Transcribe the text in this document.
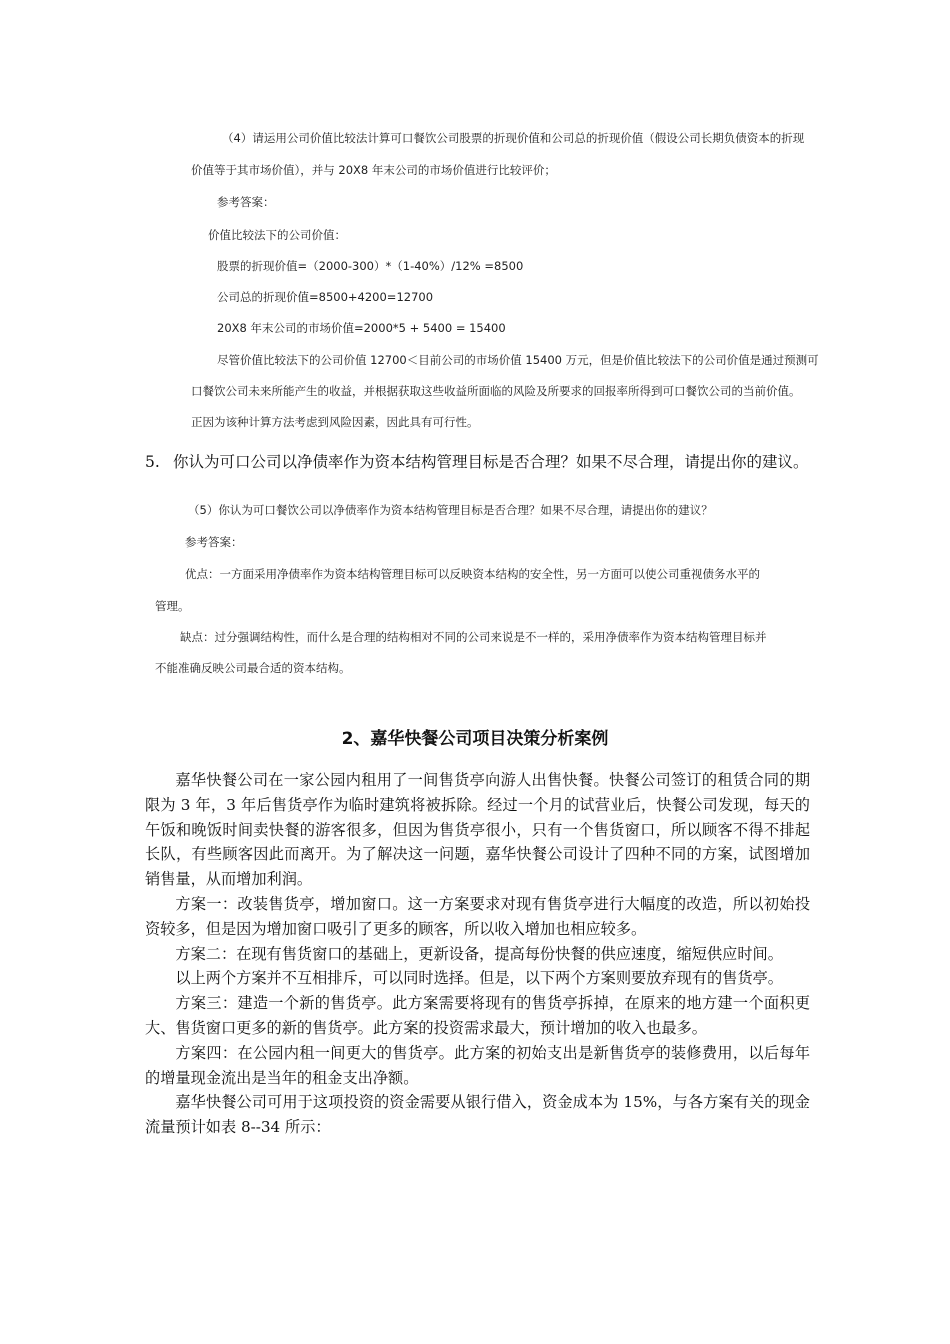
（4）请运用公司价值比较法计算可口餐饮公司股票的折现价值和公司总的折现价值（假设公司长期负债资本的折现
价值等于其市场价值），并与 20X8 年末公司的市场价值进行比较评价；
参考答案：
价值比较法下的公司价值：
股票的折现价值=（2000-300）*（1-40%）/12% =8500
公司总的折现价值=8500+4200=12700
20X8 年末公司的市场价值=2000*5 + 5400 = 15400
尽管价值比较法下的公司价值 12700＜目前公司的市场价值 15400 万元，但是价值比较法下的公司价值是通过预测可
口餐饮公司未来所能产生的收益，并根据获取这些收益所面临的风险及所要求的回报率所得到可口餐饮公司的当前价值。
正因为该种计算方法考虑到风险因素，因此具有可行性。
5. 你认为可口公司以净债率作为资本结构管理目标是否合理？如果不尽合理，请提出你的建议。
（5）你认为可口餐饮公司以净债率作为资本结构管理目标是否合理？如果不尽合理，请提出你的建议？
参考答案：
优点：一方面采用净债率作为资本结构管理目标可以反映资本结构的安全性，另一方面可以使公司重视债务水平的
管理。
缺点：过分强调结构性，而什么是合理的结构相对不同的公司来说是不一样的，采用净债率作为资本结构管理目标并
不能准确反映公司最合适的资本结构。
2、嘉华快餐公司项目决策分析案例

嘉华快餐公司在一家公园内租用了一间售货亭向游人出售快餐。快餐公司签订的租赁合同的期限为 3 年，3 年后售货亭作为临时建筑将被拆除。经过一个月的试营业后，快餐公司发现，每天的午饭和晚饭时间卖快餐的游客很多，但因为售货亭很小，只有一个售货窗口，所以顾客不得不排起长队，有些顾客因此而离开。为了解决这一问题，嘉华快餐公司设计了四种不同的方案，试图增加销售量，从而增加利润。

方案一：改装售货亭，增加窗口。这一方案要求对现有售货亭进行大幅度的改造，所以初始投资较多，但是因为增加窗口吸引了更多的顾客，所以收入增加也相应较多。

方案二：在现有售货窗口的基础上，更新设备，提高每份快餐的供应速度，缩短供应时间。

以上两个方案并不互相排斥，可以同时选择。但是，以下两个方案则要放弃现有的售货亭。

方案三：建造一个新的售货亭。此方案需要将现有的售货亭拆掉，在原来的地方建一个面积更大、售货窗口更多的新的售货亭。此方案的投资需求最大，预计增加的收入也最多。

方案四：在公园内租一间更大的售货亭。此方案的初始支出是新售货亭的装修费用，以后每年的增量现金流出是当年的租金支出净额。

嘉华快餐公司可用于这项投资的资金需要从银行借入，资金成本为 15%，与各方案有关的现金流量预计如表 8--34 所示：
